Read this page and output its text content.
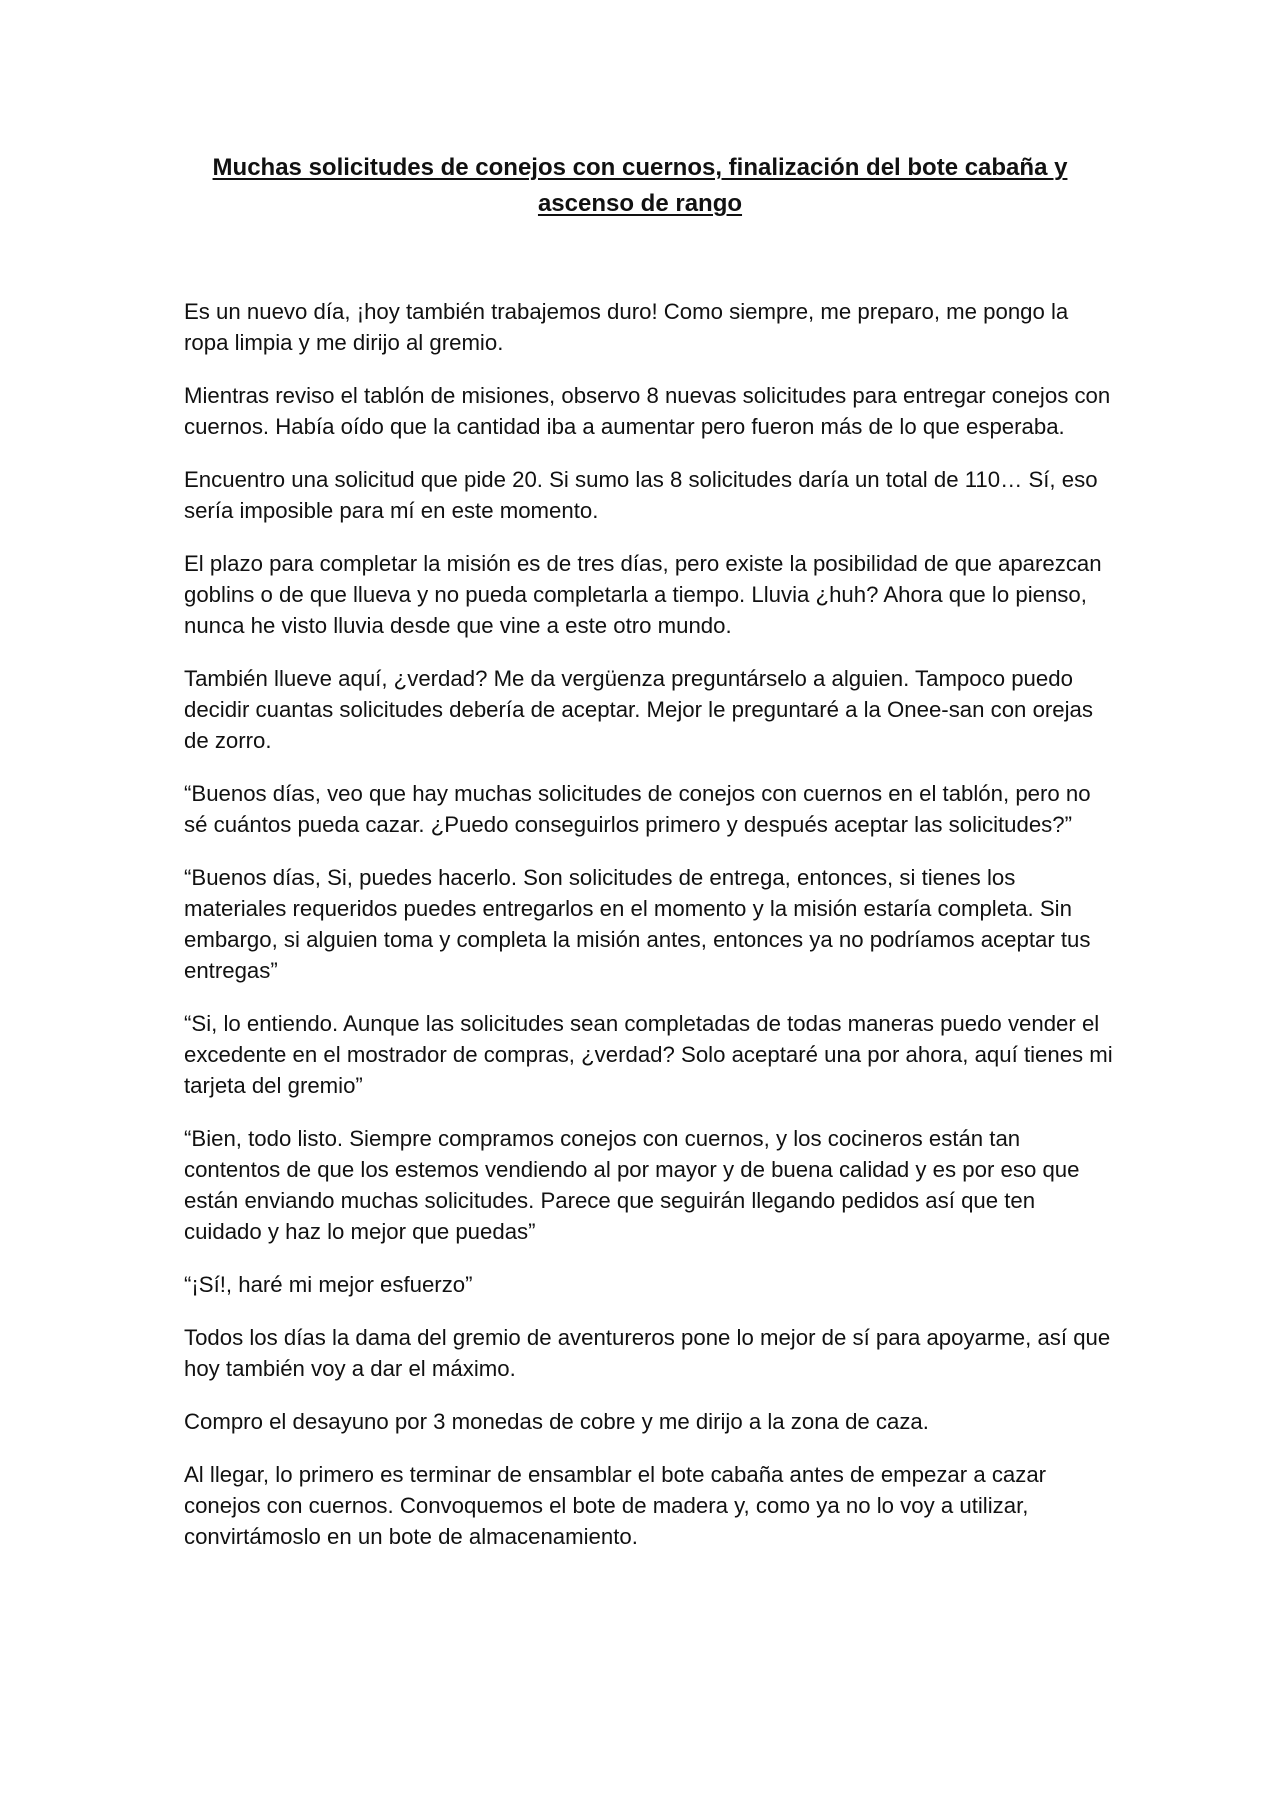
Muchas solicitudes de conejos con cuernos, finalización del bote cabaña y ascenso de rango

Es un nuevo día, ¡hoy también trabajemos duro! Como siempre, me preparo, me pongo la ropa limpia y me dirijo al gremio.

Mientras reviso el tablón de misiones, observo 8 nuevas solicitudes para entregar conejos con cuernos. Había oído que la cantidad iba a aumentar pero fueron más de lo que esperaba.

Encuentro una solicitud que pide 20. Si sumo las 8 solicitudes daría un total de 110… Sí, eso sería imposible para mí en este momento.

El plazo para completar la misión es de tres días, pero existe la posibilidad de que aparezcan goblins o de que llueva y no pueda completarla a tiempo. Lluvia ¿huh? Ahora que lo pienso, nunca he visto lluvia desde que vine a este otro mundo.

También llueve aquí, ¿verdad? Me da vergüenza preguntárselo a alguien. Tampoco puedo decidir cuantas solicitudes debería de aceptar. Mejor le preguntaré a la Onee-san con orejas de zorro.

“Buenos días, veo que hay muchas solicitudes de conejos con cuernos en el tablón, pero no sé cuántos pueda cazar. ¿Puedo conseguirlos primero y después aceptar las solicitudes?”

“Buenos días, Si, puedes hacerlo. Son solicitudes de entrega, entonces, si tienes los materiales requeridos puedes entregarlos en el momento y la misión estaría completa. Sin embargo, si alguien toma y completa la misión antes, entonces ya no podríamos aceptar tus entregas”

“Si, lo entiendo. Aunque las solicitudes sean completadas de todas maneras puedo vender el excedente en el mostrador de compras, ¿verdad? Solo aceptaré una por ahora, aquí tienes mi tarjeta del gremio”

“Bien, todo listo. Siempre compramos conejos con cuernos, y los cocineros están tan contentos de que los estemos vendiendo al por mayor y de buena calidad y es por eso que están enviando muchas solicitudes. Parece que seguirán llegando pedidos así que ten cuidado y haz lo mejor que puedas”

“¡Sí!, haré mi mejor esfuerzo”

Todos los días la dama del gremio de aventureros pone lo mejor de sí para apoyarme, así que hoy también voy a dar el máximo.

Compro el desayuno por 3 monedas de cobre y me dirijo a la zona de caza.

Al llegar, lo primero es terminar de ensamblar el bote cabaña antes de empezar a cazar conejos con cuernos. Convoquemos el bote de madera y, como ya no lo voy a utilizar, convirtámoslo en un bote de almacenamiento.
